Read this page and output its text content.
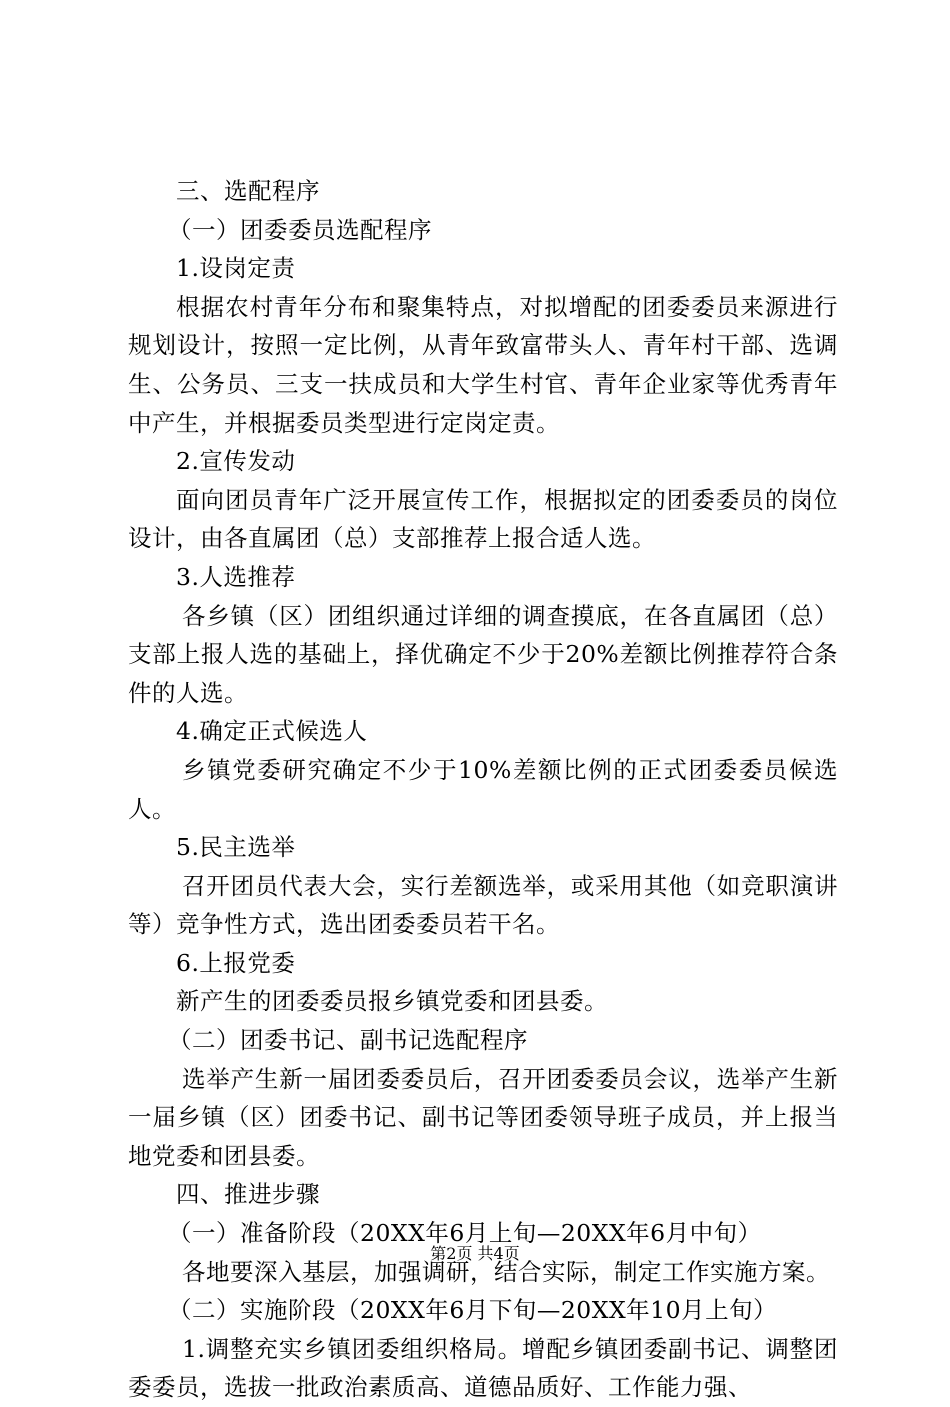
三、选配程序

（一）团委委员选配程序

1.设岗定责

根据农村青年分布和聚集特点，对拟增配的团委委员来源进行规划设计，按照一定比例，从青年致富带头人、青年村干部、选调生、公务员、三支一扶成员和大学生村官、青年企业家等优秀青年中产生，并根据委员类型进行定岗定责。

2.宣传发动

面向团员青年广泛开展宣传工作，根据拟定的团委委员的岗位设计，由各直属团（总）支部推荐上报合适人选。

3.人选推荐

各乡镇（区）团组织通过详细的调查摸底，在各直属团（总）支部上报人选的基础上，择优确定不少于20%差额比例推荐符合条件的人选。

4.确定正式候选人

乡镇党委研究确定不少于10%差额比例的正式团委委员候选人。

5.民主选举

召开团员代表大会，实行差额选举，或采用其他（如竞职演讲等）竞争性方式，选出团委委员若干名。

6.上报党委

新产生的团委委员报乡镇党委和团县委。

（二）团委书记、副书记选配程序

选举产生新一届团委委员后，召开团委委员会议，选举产生新一届乡镇（区）团委书记、副书记等团委领导班子成员，并上报当地党委和团县委。

四、推进步骤

（一）准备阶段（20XX年6月上旬—20XX年6月中旬）

各地要深入基层，加强调研，结合实际，制定工作实施方案。

（二）实施阶段（20XX年6月下旬—20XX年10月上旬）

1.调整充实乡镇团委组织格局。增配乡镇团委副书记、调整团委委员，选拔一批政治素质高、道德品质好、工作能力强、

第2页 共4页
